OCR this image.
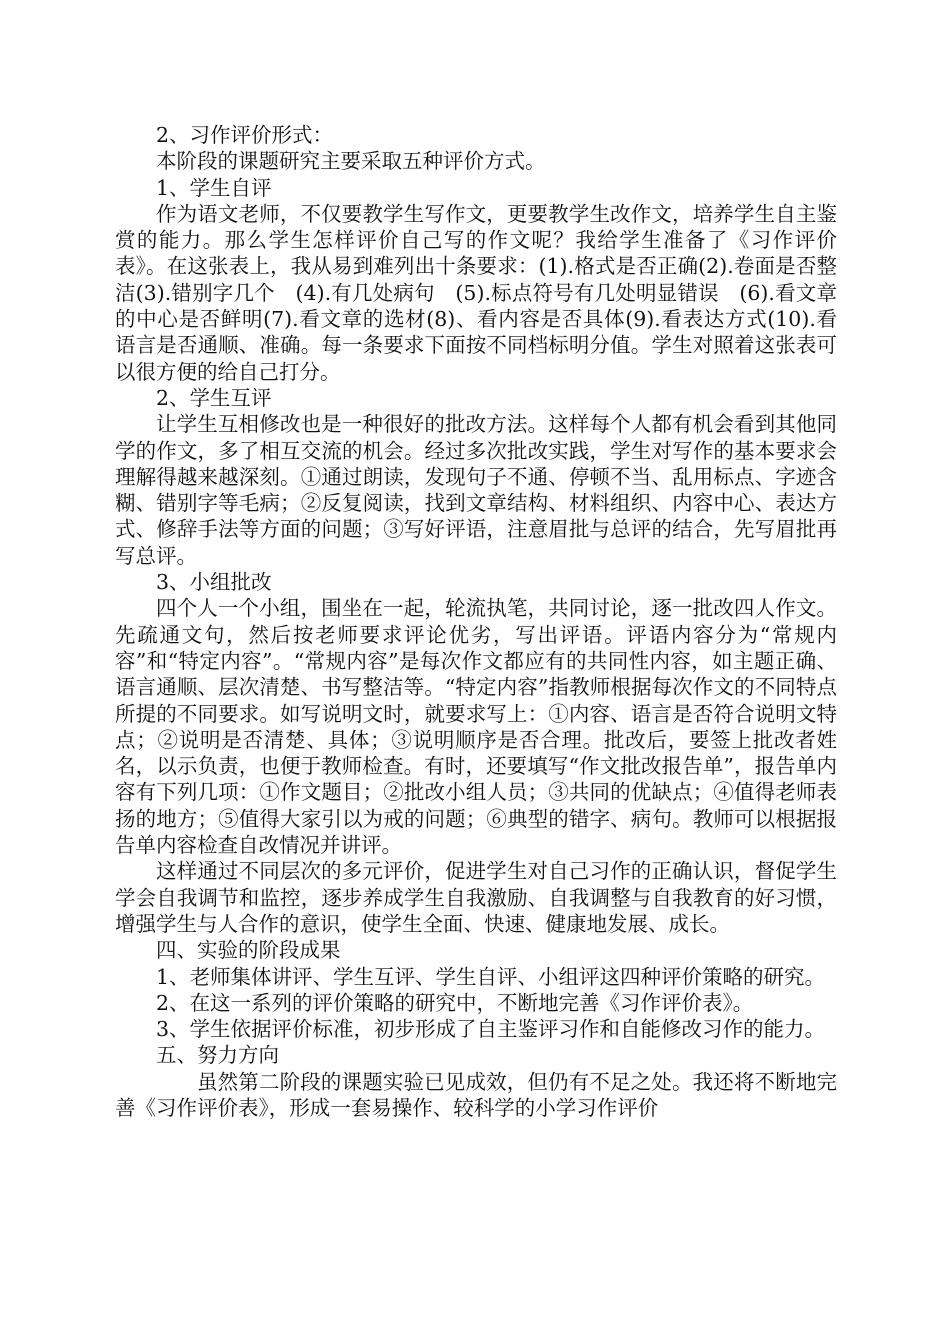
2、习作评价形式：

本阶段的课题研究主要采取五种评价方式。

1、学生自评

作为语文老师，不仅要教学生写作文，更要教学生改作文，培养学生自主鉴赏的能力。那么学生怎样评价自己写的作文呢？我给学生准备了《习作评价表》。在这张表上，我从易到难列出十条要求：(1).格式是否正确(2).卷面是否整洁(3).错别字几个　(4).有几处病句　(5).标点符号有几处明显错误　(6).看文章的中心是否鲜明(7).看文章的选材(8)、看内容是否具体(9).看表达方式(10).看语言是否通顺、准确。每一条要求下面按不同档标明分值。学生对照着这张表可以很方便的给自己打分。

2、学生互评

让学生互相修改也是一种很好的批改方法。这样每个人都有机会看到其他同学的作文，多了相互交流的机会。经过多次批改实践，学生对写作的基本要求会理解得越来越深刻。①通过朗读，发现句子不通、停顿不当、乱用标点、字迹含糊、错别字等毛病；②反复阅读，找到文章结构、材料组织、内容中心、表达方式、修辞手法等方面的问题；③写好评语，注意眉批与总评的结合，先写眉批再写总评。

3、小组批改

四个人一个小组，围坐在一起，轮流执笔，共同讨论，逐一批改四人作文。先疏通文句，然后按老师要求评论优劣，写出评语。评语内容分为“常规内容”和“特定内容”。“常规内容”是每次作文都应有的共同性内容，如主题正确、语言通顺、层次清楚、书写整洁等。“特定内容”指教师根据每次作文的不同特点所提的不同要求。如写说明文时，就要求写上：①内容、语言是否符合说明文特点；②说明是否清楚、具体；③说明顺序是否合理。批改后，要签上批改者姓名，以示负责，也便于教师检查。有时，还要填写“作文批改报告单”，报告单内容有下列几项：①作文题目；②批改小组人员；③共同的优缺点；④值得老师表扬的地方；⑤值得大家引以为戒的问题；⑥典型的错字、病句。教师可以根据报告单内容检查自改情况并讲评。

这样通过不同层次的多元评价，促进学生对自己习作的正确认识，督促学生学会自我调节和监控，逐步养成学生自我激励、自我调整与自我教育的好习惯，增强学生与人合作的意识，使学生全面、快速、健康地发展、成长。

四、实验的阶段成果

1、老师集体讲评、学生互评、学生自评、小组评这四种评价策略的研究。

2、在这一系列的评价策略的研究中，不断地完善《习作评价表》。

3、学生依据评价标准，初步形成了自主鉴评习作和自能修改习作的能力。

五、努力方向

虽然第二阶段的课题实验已见成效，但仍有不足之处。我还将不断地完善《习作评价表》，形成一套易操作、较科学的小学习作评价
